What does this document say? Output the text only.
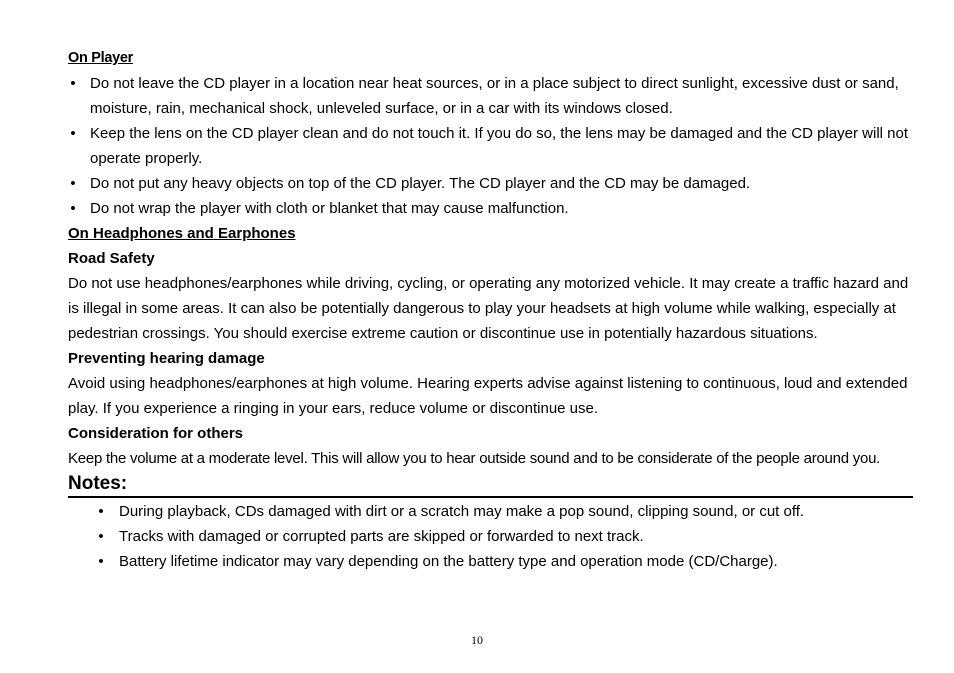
On Player
• Do not leave the CD player in a location near heat sources, or in a place subject to direct sunlight, excessive dust or sand, moisture, rain, mechanical shock, unleveled surface, or in a car with its windows closed.
• Keep the lens on the CD player clean and do not touch it. If you do so, the lens may be damaged and the CD player will not operate properly.
• Do not put any heavy objects on top of the CD player. The CD player and the CD may be damaged.
• Do not wrap the player with cloth or blanket that may cause malfunction.
On Headphones and Earphones
Road Safety

Do not use headphones/earphones while driving, cycling, or operating any motorized vehicle. It may create a traffic hazard and is illegal in some areas. It can also be potentially dangerous to play your headsets at high volume while walking, especially at pedestrian crossings. You should exercise extreme caution or discontinue use in potentially hazardous situations.

Preventing hearing damage

Avoid using headphones/earphones at high volume. Hearing experts advise against listening to continuous, loud and extended play. If you experience a ringing in your ears, reduce volume or discontinue use.

Consideration for others

Keep the volume at a moderate level. This will allow you to hear outside sound and to be considerate of the people around you.

Notes:
• During playback, CDs damaged with dirt or a scratch may make a pop sound, clipping sound, or cut off.
• Tracks with damaged or corrupted parts are skipped or forwarded to next track.
• Battery lifetime indicator may vary depending on the battery type and operation mode (CD/Charge).
10
